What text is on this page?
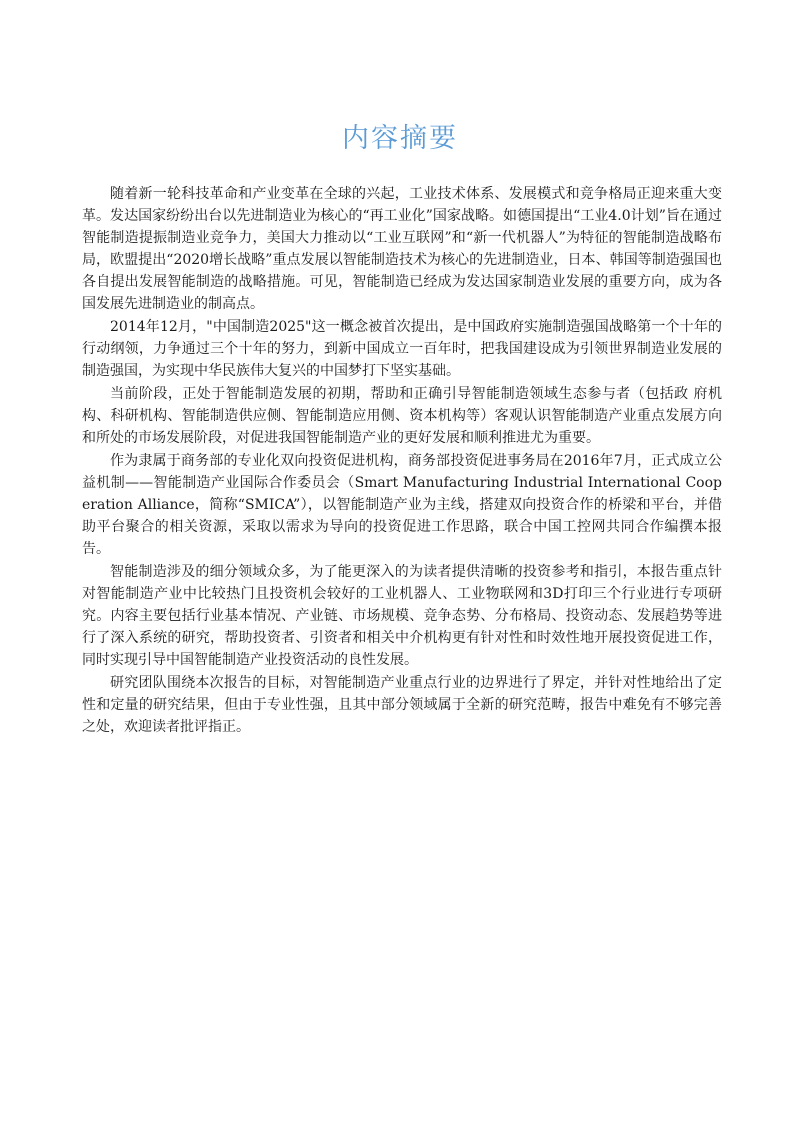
内容摘要

随着新一轮科技革命和产业变革在全球的兴起，工业技术体系、发展模式和竞争格局正迎来重大变革。发达国家纷纷出台以先进制造业为核心的“再工业化”国家战略。如德国提出“工业4.0计划”旨在通过智能制造提振制造业竞争力，美国大力推动以“工业互联网”和“新一代机器人”为特征的智能制造战略布局，欧盟提出“2020增长战略”重点发展以智能制造技术为核心的先进制造业，日本、韩国等制造强国也各自提出发展智能制造的战略措施。可见，智能制造已经成为发达国家制造业发展的重要方向，成为各国发展先进制造业的制高点。

2014年12月，"中国制造2025"这一概念被首次提出，是中国政府实施制造强国战略第一个十年的行动纲领，力争通过三个十年的努力，到新中国成立一百年时，把我国建设成为引领世界制造业发展的制造强国，为实现中华民族伟大复兴的中国梦打下坚实基础。

当前阶段，正处于智能制造发展的初期，帮助和正确引导智能制造领域生态参与者（包括政 府机构、科研机构、智能制造供应侧、智能制造应用侧、资本机构等）客观认识智能制造产业重点发展方向和所处的市场发展阶段，对促进我国智能制造产业的更好发展和顺利推进尤为重要。

作为隶属于商务部的专业化双向投资促进机构，商务部投资促进事务局在2016年7月，正式成立公益机制——智能制造产业国际合作委员会（Smart Manufacturing Industrial International Cooperation Alliance，简称“SMICA”），以智能制造产业为主线，搭建双向投资合作的桥梁和平台，并借助平台聚合的相关资源，采取以需求为导向的投资促进工作思路，联合中国工控网共同合作编撰本报告。

智能制造涉及的细分领域众多，为了能更深入的为读者提供清晰的投资参考和指引，本报告重点针对智能制造产业中比较热门且投资机会较好的工业机器人、工业物联网和3D打印三个行业进行专项研究。内容主要包括行业基本情况、产业链、市场规模、竞争态势、分布格局、投资动态、发展趋势等进行了深入系统的研究，帮助投资者、引资者和相关中介机构更有针对性和时效性地开展投资促进工作，同时实现引导中国智能制造产业投资活动的良性发展。

研究团队围绕本次报告的目标，对智能制造产业重点行业的边界进行了界定，并针对性地给出了定性和定量的研究结果，但由于专业性强，且其中部分领域属于全新的研究范畴，报告中难免有不够完善之处，欢迎读者批评指正。
